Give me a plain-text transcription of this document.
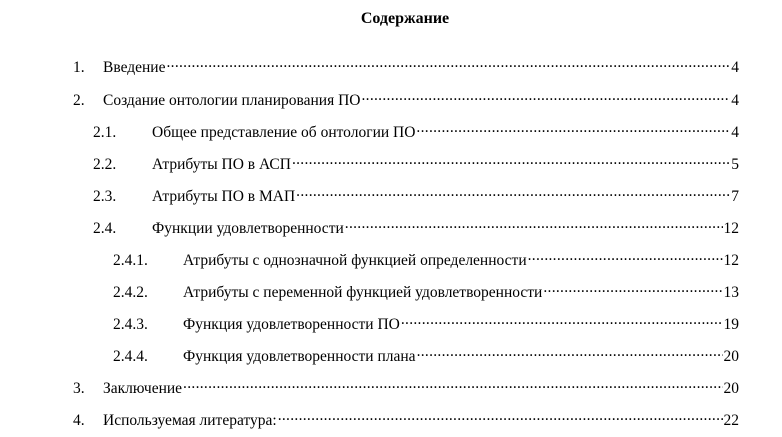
Содержание
1.	Введение .....	4
2.	Создание онтологии планирования ПО .....	4
2.1.	Общее представление об онтологии ПО .....	4
2.2.	Атрибуты ПО в АСП .....	5
2.3.	Атрибуты ПО в МАП .....	7
2.4.	Функции удовлетворенности .....	12
2.4.1.	Атрибуты с однозначной функцией определенности .....	12
2.4.2.	Атрибуты с переменной функцией удовлетворенности .....	13
2.4.3.	Функция удовлетворенности ПО .....	19
2.4.4.	Функция удовлетворенности плана .....	20
3.	Заключение .....	20
4.	Используемая литература: .....	22
